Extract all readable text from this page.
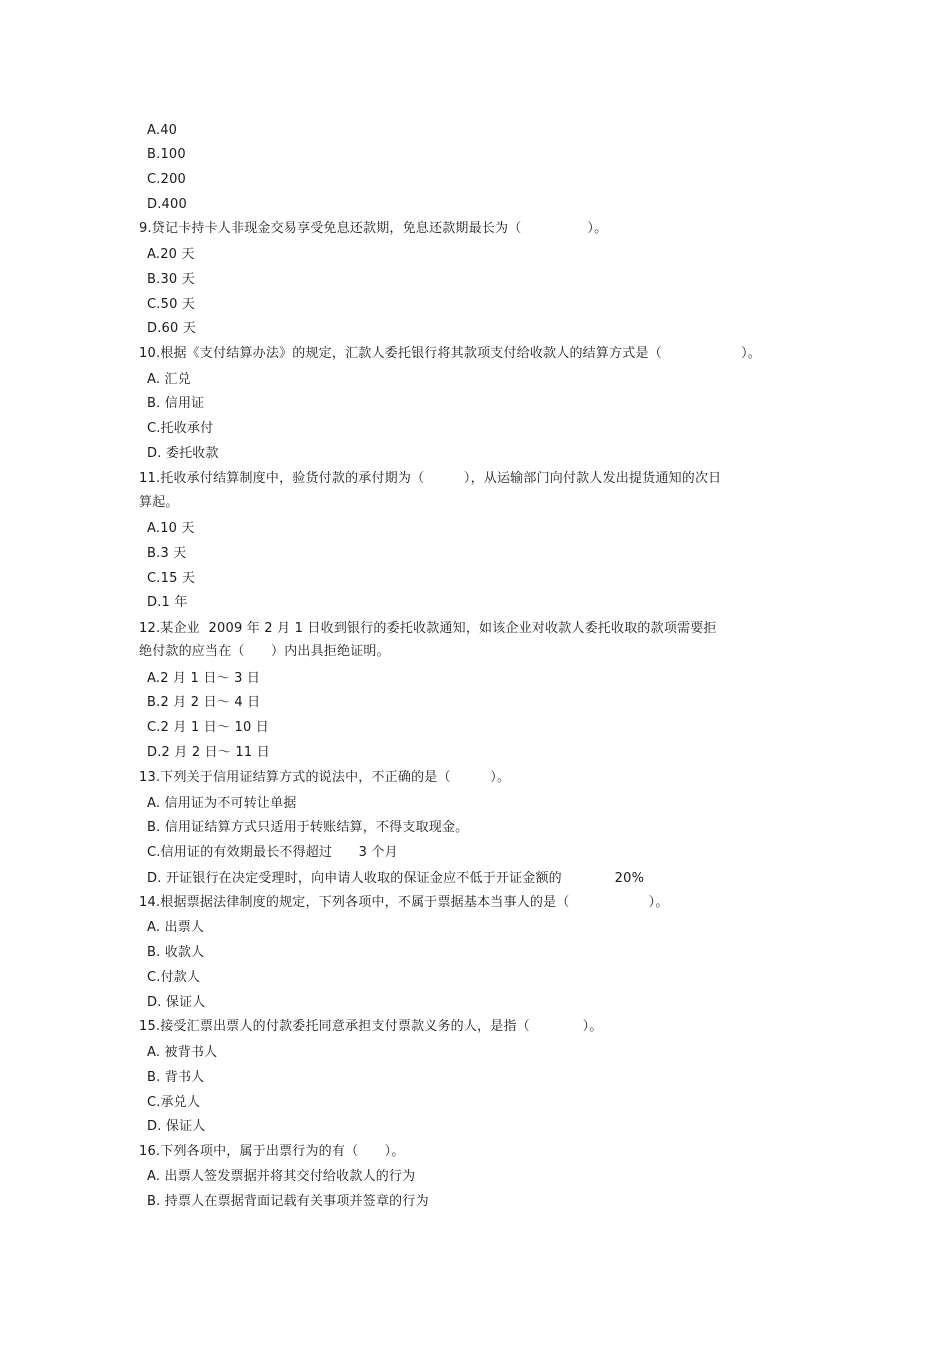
A.40
B.100
C.200
D.400
9.贷记卡持卡人非现金交易享受免息还款期，免息还款期最长为（　　　　　）。
A.20 天
B.30 天
C.50 天
D.60 天
10.根据《支付结算办法》的规定，汇款人委托银行将其款项支付给收款人的结算方式是（　　　　　　）。
A. 汇兑
B. 信用证
C.托收承付
D. 委托收款
11.托收承付结算制度中，验货付款的承付期为（　　　），从运输部门向付款人发出提货通知的次日
算起。
A.10 天
B.3 天
C.15 天
D.1 年
12.某企业  2009 年 2 月 1 日收到银行的委托收款通知，如该企业对收款人委托收取的款项需要拒
绝付款的应当在（　　）内出具拒绝证明。
A.2 月 1 日～ 3 日
B.2 月 2 日～ 4 日
C.2 月 1 日～ 10 日
D.2 月 2 日～ 11 日
13.下列关于信用证结算方式的说法中，不正确的是（　　　）。
A. 信用证为不可转让单据
B. 信用证结算方式只适用于转账结算，不得支取现金。
C.信用证的有效期最长不得超过　　3 个月
D. 开证银行在决定受理时，向申请人收取的保证金应不低于开证金额的　　　　20%
14.根据票据法律制度的规定，下列各项中，不属于票据基本当事人的是（　　　　　　）。
A. 出票人
B. 收款人
C.付款人
D. 保证人
15.接受汇票出票人的付款委托同意承担支付票款义务的人，是指（　　　　）。
A. 被背书人
B. 背书人
C.承兑人
D. 保证人
16.下列各项中，属于出票行为的有（　　）。
A. 出票人签发票据并将其交付给收款人的行为
B. 持票人在票据背面记载有关事项并签章的行为
